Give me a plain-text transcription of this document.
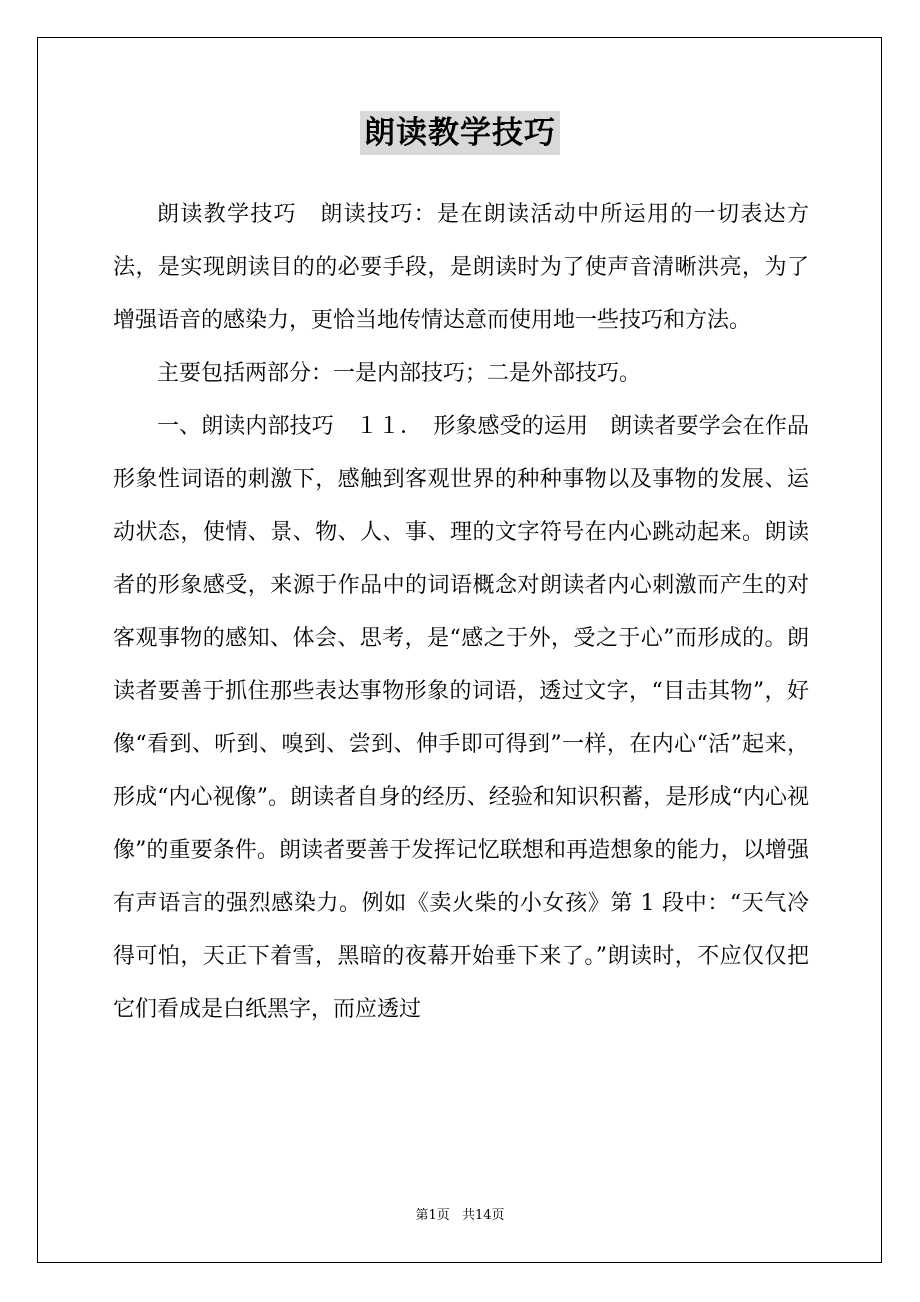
朗读教学技巧

朗读教学技巧　朗读技巧：是在朗读活动中所运用的一切表达方法，是实现朗读目的的必要手段，是朗读时为了使声音清晰洪亮，为了增强语音的感染力，更恰当地传情达意而使用地一些技巧和方法。

主要包括两部分：一是内部技巧；二是外部技巧。

一、朗读内部技巧　１１．　形象感受的运用　朗读者要学会在作品形象性词语的刺激下，感触到客观世界的种种事物以及事物的发展、运动状态，使情、景、物、人、事、理的文字符号在内心跳动起来。朗读者的形象感受，来源于作品中的词语概念对朗读者内心刺激而产生的对客观事物的感知、体会、思考，是“感之于外，受之于心”而形成的。朗读者要善于抓住那些表达事物形象的词语，透过文字，“目击其物”，好像“看到、听到、嗅到、尝到、伸手即可得到”一样，在内心“活”起来，形成“内心视像”。朗读者自身的经历、经验和知识积蓄，是形成“内心视像”的重要条件。朗读者要善于发挥记忆联想和再造想象的能力，以增强有声语言的强烈感染力。例如《卖火柴的小女孩》第 1 段中：“天气冷得可怕，天正下着雪，黑暗的夜幕开始垂下来了。”朗读时，不应仅仅把它们看成是白纸黑字，而应透过

第1页 共14页
